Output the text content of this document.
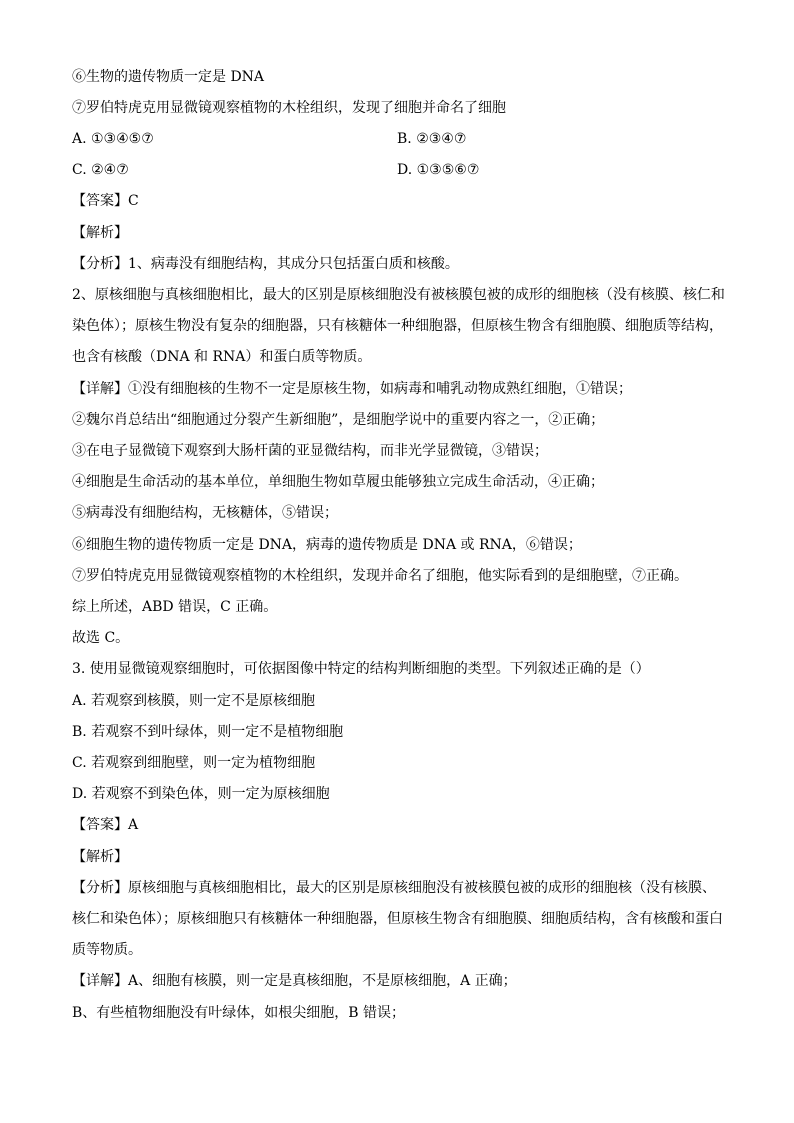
⑥生物的遗传物质一定是 DNA
⑦罗伯特虎克用显微镜观察植物的木栓组织，发现了细胞并命名了细胞
A. ①③④⑤⑦	B. ②③④⑦
C. ②④⑦	D. ①③⑤⑥⑦
【答案】C
【解析】
【分析】1、病毒没有细胞结构，其成分只包括蛋白质和核酸。
2、原核细胞与真核细胞相比，最大的区别是原核细胞没有被核膜包被的成形的细胞核（没有核膜、核仁和
染色体）；原核生物没有复杂的细胞器，只有核糖体一种细胞器，但原核生物含有细胞膜、细胞质等结构，
也含有核酸（DNA 和 RNA）和蛋白质等物质。
【详解】①没有细胞核的生物不一定是原核生物，如病毒和哺乳动物成熟红细胞，①错误；
②魏尔肖总结出“细胞通过分裂产生新细胞”，是细胞学说中的重要内容之一，②正确；
③在电子显微镜下观察到大肠杆菌的亚显微结构，而非光学显微镜，③错误；
④细胞是生命活动的基本单位，单细胞生物如草履虫能够独立完成生命活动，④正确；
⑤病毒没有细胞结构，无核糖体，⑤错误；
⑥细胞生物的遗传物质一定是 DNA，病毒的遗传物质是 DNA 或 RNA，⑥错误；
⑦罗伯特虎克用显微镜观察植物的木栓组织，发现并命名了细胞，他实际看到的是细胞壁，⑦正确。
综上所述，ABD 错误，C 正确。
故选 C。
3. 使用显微镜观察细胞时，可依据图像中特定的结构判断细胞的类型。下列叙述正确的是（）
A. 若观察到核膜，则一定不是原核细胞
B. 若观察不到叶绿体，则一定不是植物细胞
C. 若观察到细胞壁，则一定为植物细胞
D. 若观察不到染色体，则一定为原核细胞
【答案】A
【解析】
【分析】原核细胞与真核细胞相比，最大的区别是原核细胞没有被核膜包被的成形的细胞核（没有核膜、
核仁和染色体）；原核细胞只有核糖体一种细胞器，但原核生物含有细胞膜、细胞质结构，含有核酸和蛋白
质等物质。
【详解】A、细胞有核膜，则一定是真核细胞，不是原核细胞，A 正确；
B、有些植物细胞没有叶绿体，如根尖细胞，B 错误；
